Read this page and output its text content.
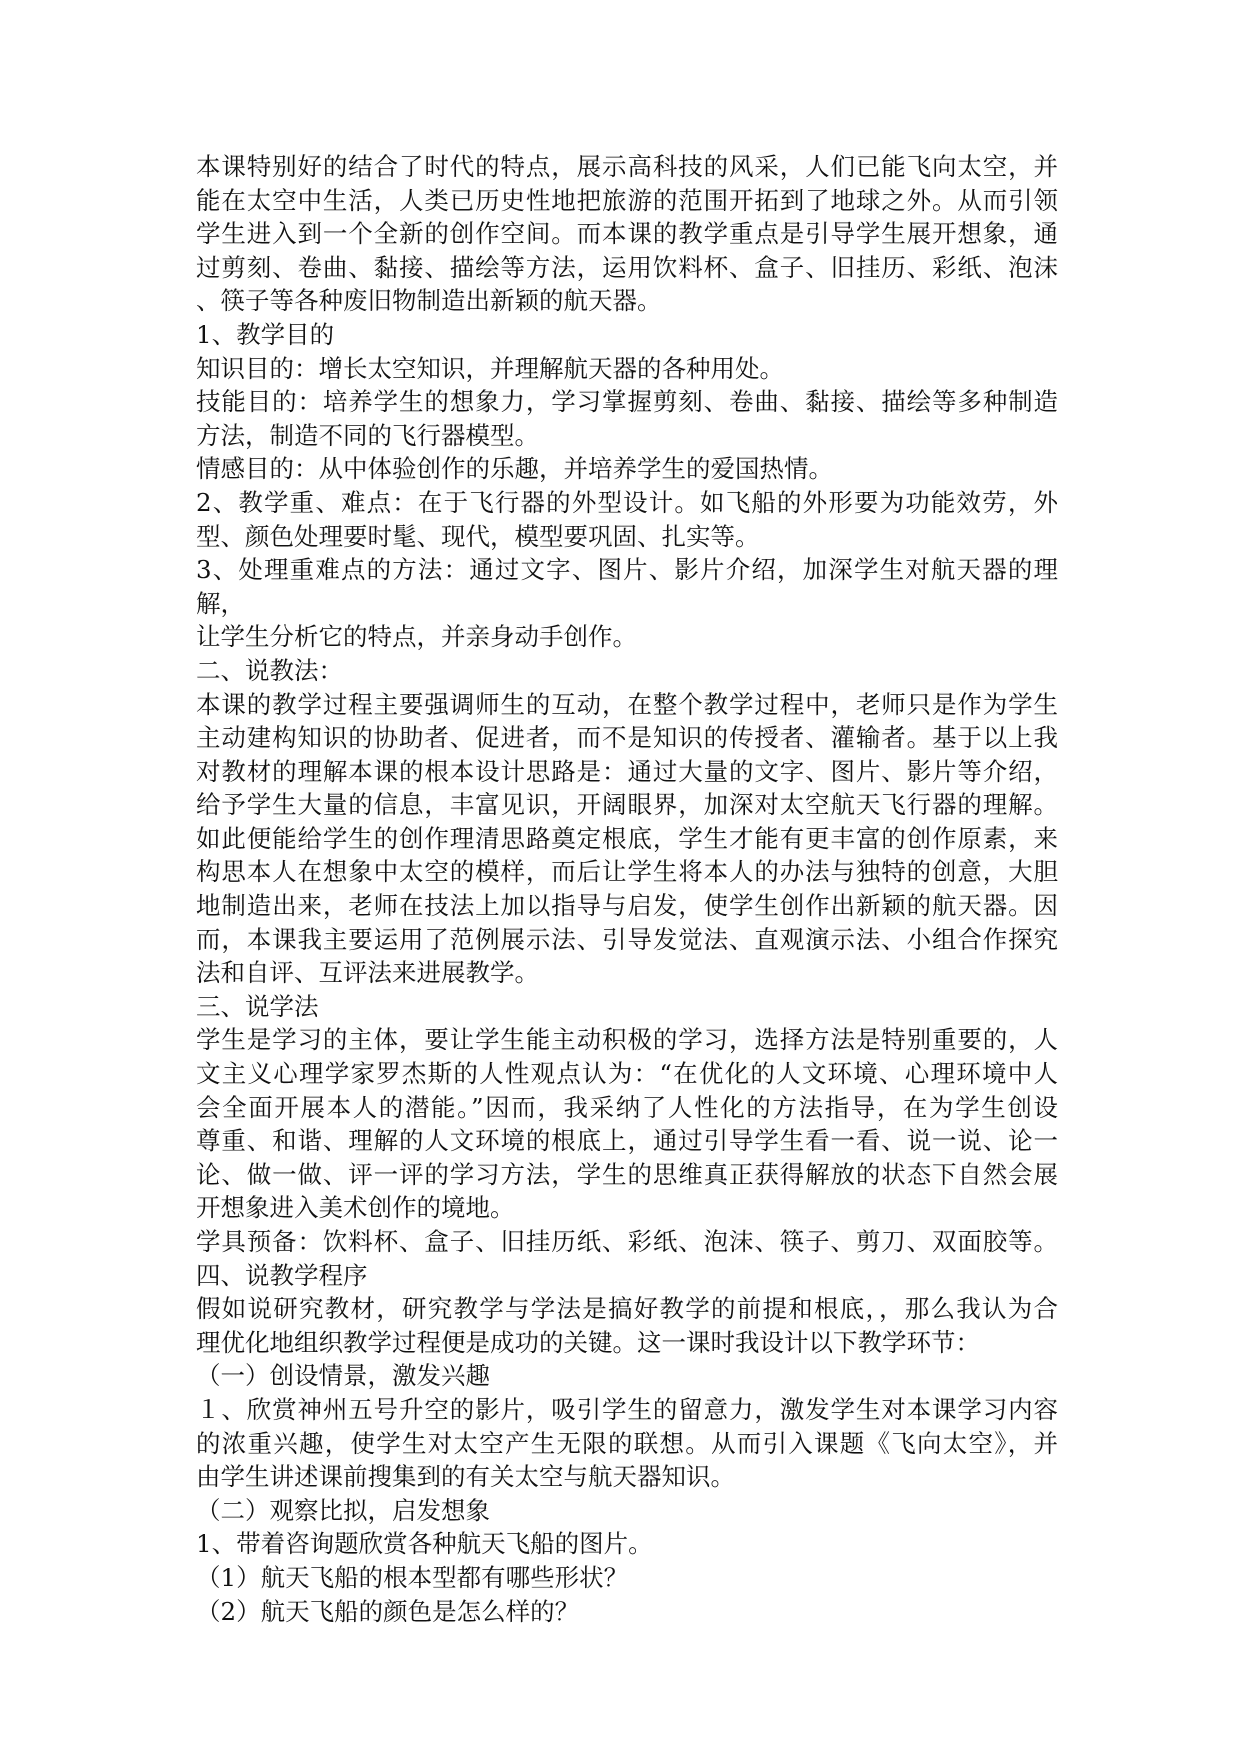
本课特别好的结合了时代的特点，展示高科技的风采，人们已能飞向太空，并
能在太空中生活，人类已历史性地把旅游的范围开拓到了地球之外。从而引领
学生进入到一个全新的创作空间。而本课的教学重点是引导学生展开想象，通
过剪刻、卷曲、黏接、描绘等方法，运用饮料杯、盒子、旧挂历、彩纸、泡沫
、筷子等各种废旧物制造出新颖的航天器。
1、教学目的
知识目的：增长太空知识，并理解航天器的各种用处。
技能目的：培养学生的想象力，学习掌握剪刻、卷曲、黏接、描绘等多种制造
方法，制造不同的飞行器模型。
情感目的：从中体验创作的乐趣，并培养学生的爱国热情。
2、教学重、难点：在于飞行器的外型设计。如飞船的外形要为功能效劳，外
型、颜色处理要时髦、现代，模型要巩固、扎实等。
3、处理重难点的方法：通过文字、图片、影片介绍，加深学生对航天器的理
解，
让学生分析它的特点，并亲身动手创作。
二、说教法：
本课的教学过程主要强调师生的互动，在整个教学过程中，老师只是作为学生
主动建构知识的协助者、促进者，而不是知识的传授者、灌输者。基于以上我
对教材的理解本课的根本设计思路是：通过大量的文字、图片、影片等介绍，
给予学生大量的信息，丰富见识，开阔眼界，加深对太空航天飞行器的理解。
如此便能给学生的创作理清思路奠定根底，学生才能有更丰富的创作原素，来
构思本人在想象中太空的模样，而后让学生将本人的办法与独特的创意，大胆
地制造出来，老师在技法上加以指导与启发，使学生创作出新颖的航天器。因
而，本课我主要运用了范例展示法、引导发觉法、直观演示法、小组合作探究
法和自评、互评法来进展教学。
三、说学法
学生是学习的主体，要让学生能主动积极的学习，选择方法是特别重要的，人
文主义心理学家罗杰斯的人性观点认为：“在优化的人文环境、心理环境中人
会全面开展本人的潜能。”因而，我采纳了人性化的方法指导，在为学生创设
尊重、和谐、理解的人文环境的根底上，通过引导学生看一看、说一说、论一
论、做一做、评一评的学习方法，学生的思维真正获得解放的状态下自然会展
开想象进入美术创作的境地。
学具预备：饮料杯、盒子、旧挂历纸、彩纸、泡沫、筷子、剪刀、双面胶等。
四、说教学程序
假如说研究教材，研究教学与学法是搞好教学的前提和根底，，那么我认为合
理优化地组织教学过程便是成功的关键。这一课时我设计以下教学环节：
（一）创设情景，激发兴趣
１、欣赏神州五号升空的影片，吸引学生的留意力，激发学生对本课学习内容
的浓重兴趣，使学生对太空产生无限的联想。从而引入课题《飞向太空》，并
由学生讲述课前搜集到的有关太空与航天器知识。
（二）观察比拟，启发想象
1、带着咨询题欣赏各种航天飞船的图片。
（1）航天飞船的根本型都有哪些形状？
（2）航天飞船的颜色是怎么样的？
